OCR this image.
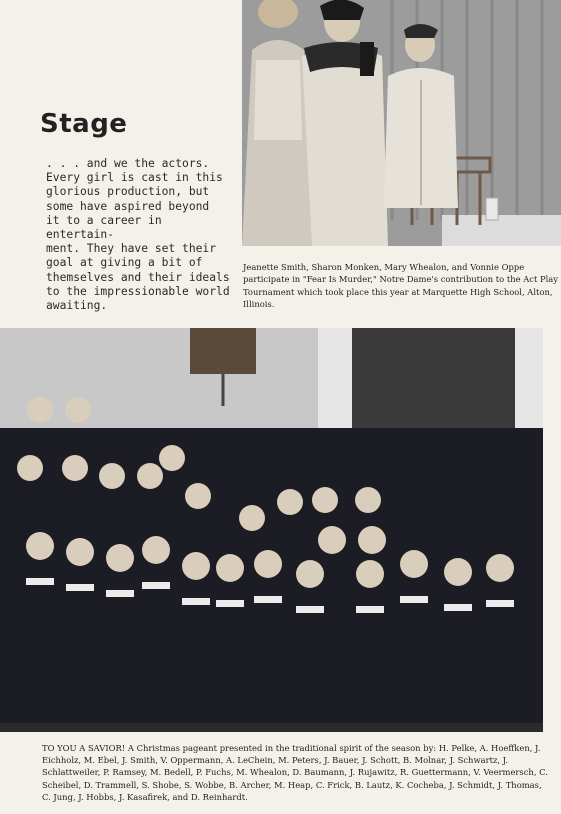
Stage
. . . and we the actors.
Every girl is cast in this
glorious production, but
some have aspired beyond
it to a career in entertain-
ment. They have set their
goal at giving a bit of
themselves and their ideals
to the impressionable world
awaiting.
Jeanette Smith, Sharon Monken, Mary Whealon, and Vonnie Oppe participate in "Fear Is Murder," Notre Dame's contribution to the Act Play Tournament which took place this year at Marquette High School, Alton, Illinois.
TO YOU A SAVIOR! A Christmas pageant presented in the traditional spirit of the season by: H. Pelke, A. Hoeffken, J. Eichholz, M. Ebel, J. Smith, V. Oppermann, A. LeChein, M. Peters, J. Bauer, J. Schott, B. Molnar, J. Schwartz, J. Schlattweiler, P. Ramsey, M. Bedell, P. Fuchs, M. Whealon, D. Baumann, J. Rujawitz, R. Guettermann, V. Veermersch, C. Scheibel, D. Trammell, S. Shobe, S. Wobbe, B. Archer, M. Heap, C. Frick, B. Lautz, K. Cocheba, J. Schmidt, J. Thomas, C. Jung, J. Hobbs, J. Kasafirek, and D. Reinhardt.
